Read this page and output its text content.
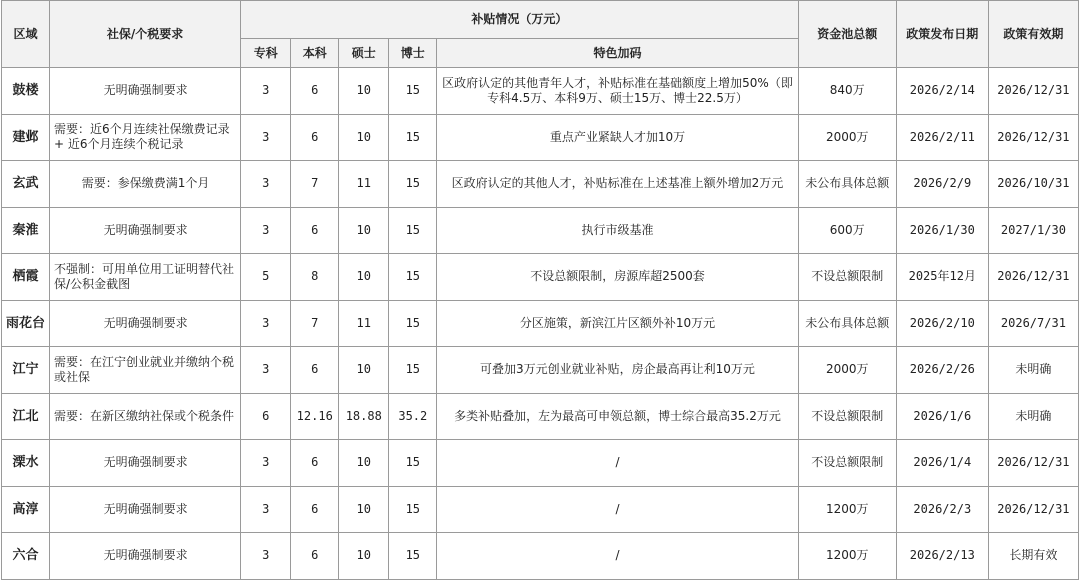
区域	社保/个税要求	补贴情况（万元）					资金池总额	政策发布日期	政策有效期
		专科	本科	硕士	博士	特色加码			
鼓楼	无明确强制要求	3	6	10	15	区政府认定的其他青年人才，补贴标准在基础额度上增加50%（即专科4.5万、本科9万、硕士15万、博士22.5万）	840万	2026/2/14	2026/12/31
建邺	需要：近6个月连续社保缴费记录 + 近6个月连续个税记录	3	6	10	15	重点产业紧缺人才加10万	2000万	2026/2/11	2026/12/31
玄武	需要：参保缴费满1个月	3	7	11	15	区政府认定的其他人才，补贴标准在上述基准上额外增加2万元	未公布具体总额	2026/2/9	2026/10/31
秦淮	无明确强制要求	3	6	10	15	执行市级基准	600万	2026/1/30	2027/1/30
栖霞	不强制：可用单位用工证明替代社保/公积金截图	5	8	10	15	不设总额限制，房源库超2500套	不设总额限制	2025年12月	2026/12/31
雨花台	无明确强制要求	3	7	11	15	分区施策，新滨江片区额外补10万元	未公布具体总额	2026/2/10	2026/7/31
江宁	需要：在江宁创业就业并缴纳个税或社保	3	6	10	15	可叠加3万元创业就业补贴，房企最高再让利10万元	2000万	2026/2/26	未明确
江北	需要：在新区缴纳社保或个税条件	6	12.16	18.88	35.2	多类补贴叠加，左为最高可申领总额，博士综合最高35.2万元	不设总额限制	2026/1/6	未明确
溧水	无明确强制要求	3	6	10	15	/	不设总额限制	2026/1/4	2026/12/31
高淳	无明确强制要求	3	6	10	15	/	1200万	2026/2/3	2026/12/31
六合	无明确强制要求	3	6	10	15	/	1200万	2026/2/13	长期有效
